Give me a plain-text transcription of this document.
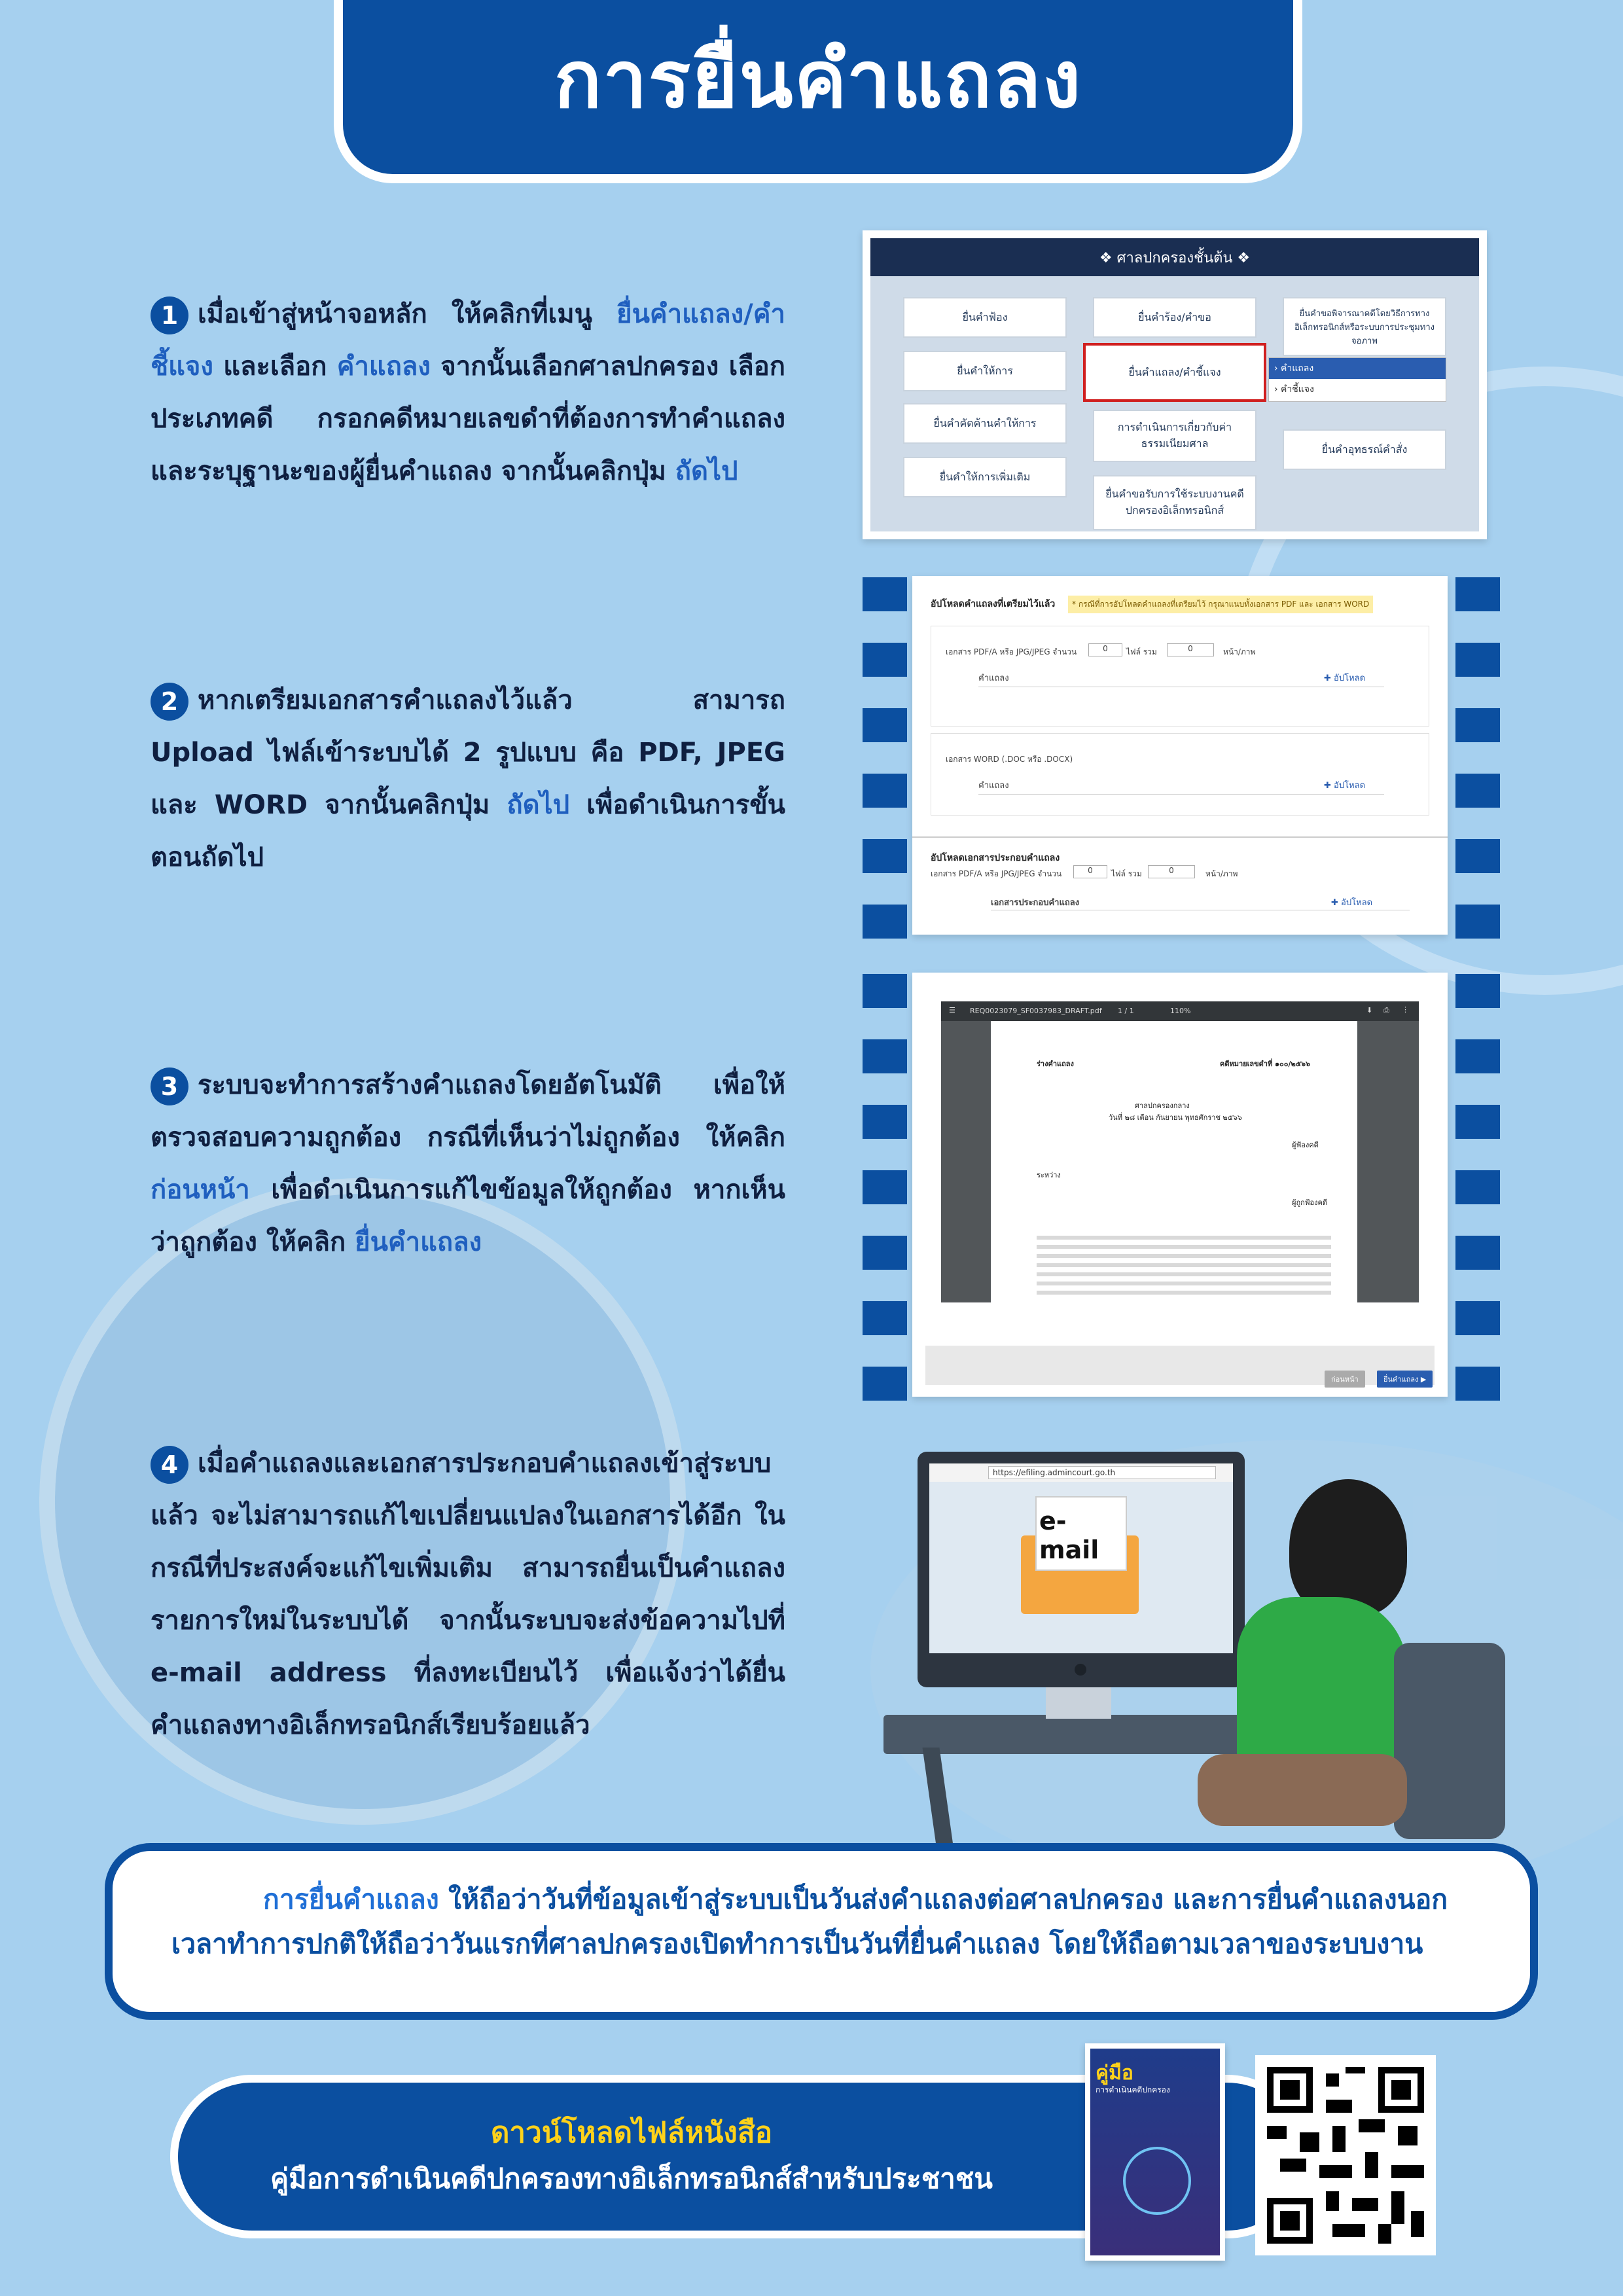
การยื่นคำแถลง
1 เมื่อเข้าสู่หน้าจอหลัก ให้คลิกที่เมนู ยื่นคำแถลง/คำชี้แจง และเลือก คำแถลง จากนั้นเลือกศาลปกครอง เลือกประเภทคดี กรอกคดีหมายเลขดำที่ต้องการทำคำแถลง และระบุฐานะของผู้ยื่นคำแถลง จากนั้นคลิกปุ่ม ถัดไป
❖ ศาลปกครองชั้นต้น ❖
ยื่นคำฟ้อง	ยื่นคำร้อง/คำขอ	ยื่นคำขอพิจารณาคดีโดยวิธีการทางอิเล็กทรอนิกส์หรือระบบการประชุมทางจอภาพ
ยื่นคำให้การ	ยื่นคำแถลง/คำชี้แจง	› คำแถลง
› คำชี้แจง
ยื่นคำคัดค้านคำให้การ	การดำเนินการเกี่ยวกับค่าธรรมเนียมศาล	ยื่นคำอุทธรณ์คำสั่ง
ยื่นคำให้การเพิ่มเติม
ยื่นคำขอรับการใช้ระบบงานคดีปกครองอิเล็กทรอนิกส์
2 หากเตรียมเอกสารคำแถลงไว้แล้ว สามารถ Upload ไฟล์เข้าระบบได้ 2 รูปแบบ คือ PDF, JPEG และ WORD จากนั้นคลิกปุ่ม ถัดไป เพื่อดำเนินการขั้นตอนถัดไป
อัปโหลดคำแถลงที่เตรียมไว้แล้ว	* กรณีที่การอัปโหลดคำแถลงที่เตรียมไว้ กรุณาแนบทั้งเอกสาร PDF และ เอกสาร WORD
เอกสาร PDF/A หรือ JPG/JPEG จำนวน	0	ไฟล์ รวม	0	หน้า/ภาพ
คำแถลง	✚ อัปโหลด
เอกสาร WORD (.DOC หรือ .DOCX)
คำแถลง	✚ อัปโหลด
อัปโหลดเอกสารประกอบคำแถลง
เอกสาร PDF/A หรือ JPG/JPEG จำนวน	0	ไฟล์ รวม	0	หน้า/ภาพ
เอกสารประกอบคำแถลง	✚ อัปโหลด
3 ระบบจะทำการสร้างคำแถลงโดยอัตโนมัติ เพื่อให้ตรวจสอบความถูกต้อง กรณีที่เห็นว่าไม่ถูกต้อง ให้คลิก ก่อนหน้า เพื่อดำเนินการแก้ไขข้อมูลให้ถูกต้อง หากเห็นว่าถูกต้อง ให้คลิก ยื่นคำแถลง
☰ REQ0023079_SF0037983_DRAFT.pdf 1 / 1	110%	⬇ ⎙ ⋮
ร่างคำแถลง	คดีหมายเลขดำที่ ๑๐๐/๒๕๖๖
ศาลปกครองกลาง
วันที่ ๒๘ เดือน กันยายน พุทธศักราช ๒๕๖๖
ระหว่าง
ผู้ฟ้องคดี
ผู้ถูกฟ้องคดี
ก่อนหน้า	ยื่นคำแถลง ▶
4 เมื่อคำแถลงและเอกสารประกอบคำแถลงเข้าสู่ระบบแล้ว จะไม่สามารถแก้ไขเปลี่ยนแปลงในเอกสารได้อีก ในกรณีที่ประสงค์จะแก้ไขเพิ่มเติม สามารถยื่นเป็นคำแถลงรายการใหม่ในระบบได้ จากนั้นระบบจะส่งข้อความไปที่ e-mail address ที่ลงทะเบียนไว้ เพื่อแจ้งว่าได้ยื่นคำแถลงทางอิเล็กทรอนิกส์เรียบร้อยแล้ว
https://efiling.admincourt.go.th
e-mail
การยื่นคำแถลง ให้ถือว่าวันที่ข้อมูลเข้าสู่ระบบเป็นวันส่งคำแถลงต่อศาลปกครอง และการยื่นคำแถลงนอกเวลาทำการปกติให้ถือว่าวันแรกที่ศาลปกครองเปิดทำการเป็นวันที่ยื่นคำแถลง โดยให้ถือตามเวลาของระบบงาน
ดาวน์โหลดไฟล์หนังสือ
คู่มือการดำเนินคดีปกครองทางอิเล็กทรอนิกส์สำหรับประชาชน
คู่มือ
การดำเนินคดีปกครอง
